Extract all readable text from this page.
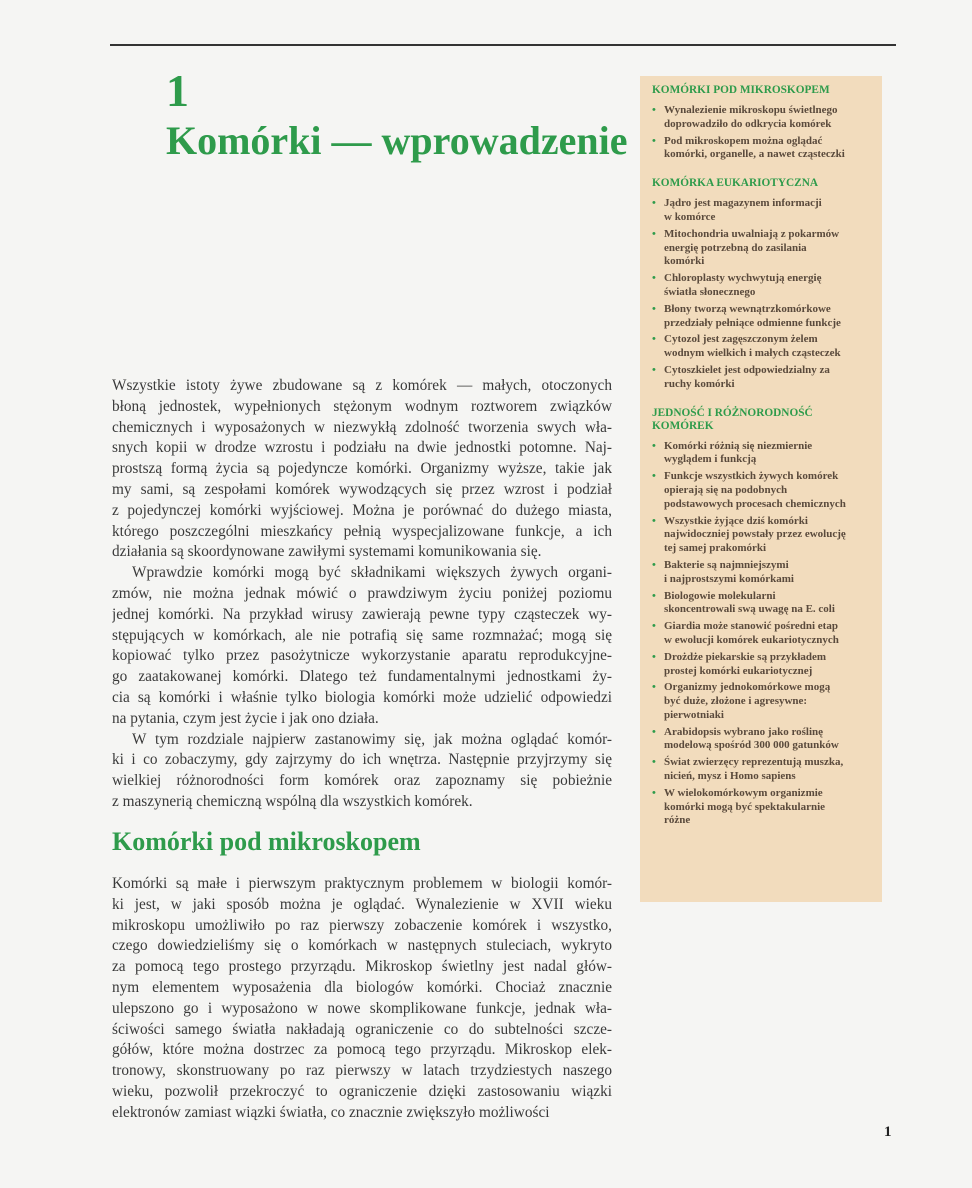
1
Komórki — wprowadzenie
Wszystkie istoty żywe zbudowane są z komórek — małych, otoczonych
błoną jednostek, wypełnionych stężonym wodnym roztworem związków
chemicznych i wyposażonych w niezwykłą zdolność tworzenia swych wła-
snych kopii w drodze wzrostu i podziału na dwie jednostki potomne. Naj-
prostszą formą życia są pojedyncze komórki. Organizmy wyższe, takie jak
my sami, są zespołami komórek wywodzących się przez wzrost i podział
z pojedynczej komórki wyjściowej. Można je porównać do dużego miasta,
którego poszczególni mieszkańcy pełnią wyspecjalizowane funkcje, a ich
działania są skoordynowane zawiłymi systemami komunikowania się.
Wprawdzie komórki mogą być składnikami większych żywych organi-
zmów, nie można jednak mówić o prawdziwym życiu poniżej poziomu
jednej komórki. Na przykład wirusy zawierają pewne typy cząsteczek wy-
stępujących w komórkach, ale nie potrafią się same rozmnażać; mogą się
kopiować tylko przez pasożytnicze wykorzystanie aparatu reprodukcyjne-
go zaatakowanej komórki. Dlatego też fundamentalnymi jednostkami ży-
cia są komórki i właśnie tylko biologia komórki może udzielić odpowiedzi
na pytania, czym jest życie i jak ono działa.
W tym rozdziale najpierw zastanowimy się, jak można oglądać komór-
ki i co zobaczymy, gdy zajrzymy do ich wnętrza. Następnie przyjrzymy się
wielkiej różnorodności form komórek oraz zapoznamy się pobieżnie
z maszynerią chemiczną wspólną dla wszystkich komórek.
Komórki pod mikroskopem
Komórki są małe i pierwszym praktycznym problemem w biologii komór-
ki jest, w jaki sposób można je oglądać. Wynalezienie w XVII wieku
mikroskopu umożliwiło po raz pierwszy zobaczenie komórek i wszystko,
czego dowiedzieliśmy się o komórkach w następnych stuleciach, wykryto
za pomocą tego prostego przyrządu. Mikroskop świetlny jest nadal głów-
nym elementem wyposażenia dla biologów komórki. Chociaż znacznie
ulepszono go i wyposażono w nowe skomplikowane funkcje, jednak wła-
ściwości samego światła nakładają ograniczenie co do subtelności szcze-
gółów, które można dostrzec za pomocą tego przyrządu. Mikroskop elek-
tronowy, skonstruowany po raz pierwszy w latach trzydziestych naszego
wieku, pozwolił przekroczyć to ograniczenie dzięki zastosowaniu wiązki
elektronów zamiast wiązki światła, co znacznie zwiększyło możliwości
KOMÓRKI POD MIKROSKOPEM
• Wynalezienie mikroskopu świetlnego
doprowadziło do odkrycia komórek
• Pod mikroskopem można oglądać
komórki, organelle, a nawet cząsteczki
KOMÓRKA EUKARIOTYCZNA
• Jądro jest magazynem informacji
w komórce
• Mitochondria uwalniają z pokarmów
energię potrzebną do zasilania
komórki
• Chloroplasty wychwytują energię
światła słonecznego
• Błony tworzą wewnątrzkomórkowe
przedziały pełniące odmienne funkcje
• Cytozol jest zagęszczonym żelem
wodnym wielkich i małych cząsteczek
• Cytoszkielet jest odpowiedzialny za
ruchy komórki
JEDNOŚĆ I RÓŻNORODNOŚĆ KOMÓREK
• Komórki różnią się niezmiernie
wyglądem i funkcją
• Funkcje wszystkich żywych komórek
opierają się na podobnych
podstawowych procesach chemicznych
• Wszystkie żyjące dziś komórki
najwidoczniej powstały przez ewolucję
tej samej prakomórki
• Bakterie są najmniejszymi
i najprostszymi komórkami
• Biologowie molekularni
skoncentrowali swą uwagę na E. coli
• Giardia może stanowić pośredni etap
w ewolucji komórek eukariotycznych
• Drożdże piekarskie są przykładem
prostej komórki eukariotycznej
• Organizmy jednokomórkowe mogą
być duże, złożone i agresywne:
pierwotniaki
• Arabidopsis wybrano jako roślinę
modelową spośród 300 000 gatunków
• Świat zwierzęcy reprezentują muszka,
nicień, mysz i Homo sapiens
• W wielokomórkowym organizmie
komórki mogą być spektakularnie
różne
1
